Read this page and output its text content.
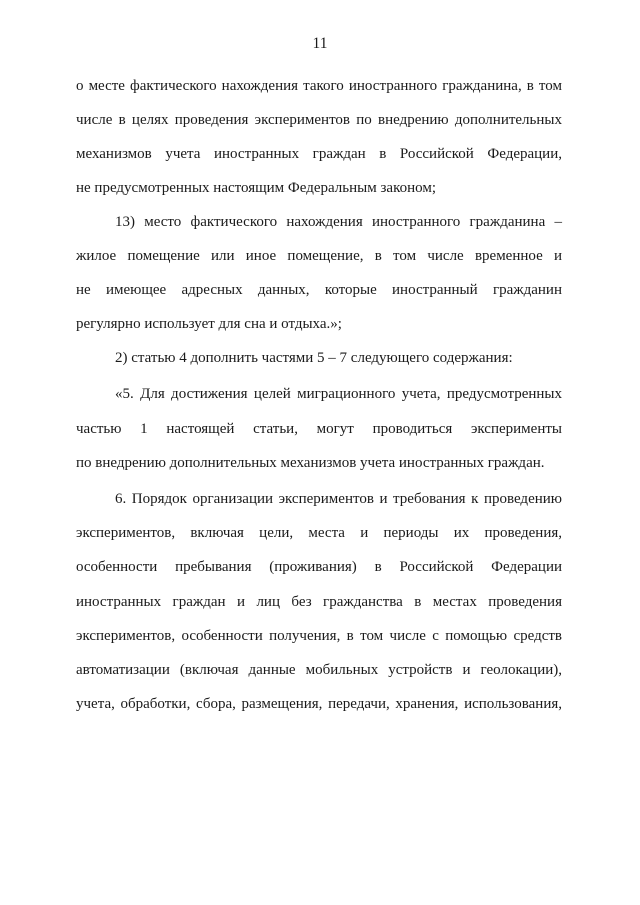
11
о месте фактического нахождения такого иностранного гражданина, в том
числе в целях проведения экспериментов по внедрению дополнительных
механизмов учета иностранных граждан в Российской Федерации,
не предусмотренных настоящим Федеральным законом;
13) место фактического нахождения иностранного гражданина –
жилое помещение или иное помещение, в том числе временное и
не имеющее адресных данных, которые иностранный гражданин
регулярно использует для сна и отдыха.»;
2) статью 4 дополнить частями 5 – 7 следующего содержания:
«5. Для достижения целей миграционного учета, предусмотренных
частью 1 настоящей статьи, могут проводиться эксперименты
по внедрению дополнительных механизмов учета иностранных граждан.
6. Порядок организации экспериментов и требования к проведению
экспериментов, включая цели, места и периоды их проведения,
особенности пребывания (проживания) в Российской Федерации
иностранных граждан и лиц без гражданства в местах проведения
экспериментов, особенности получения, в том числе с помощью средств
автоматизации (включая данные мобильных устройств и геолокации),
учета, обработки, сбора, размещения, передачи, хранения, использования,
